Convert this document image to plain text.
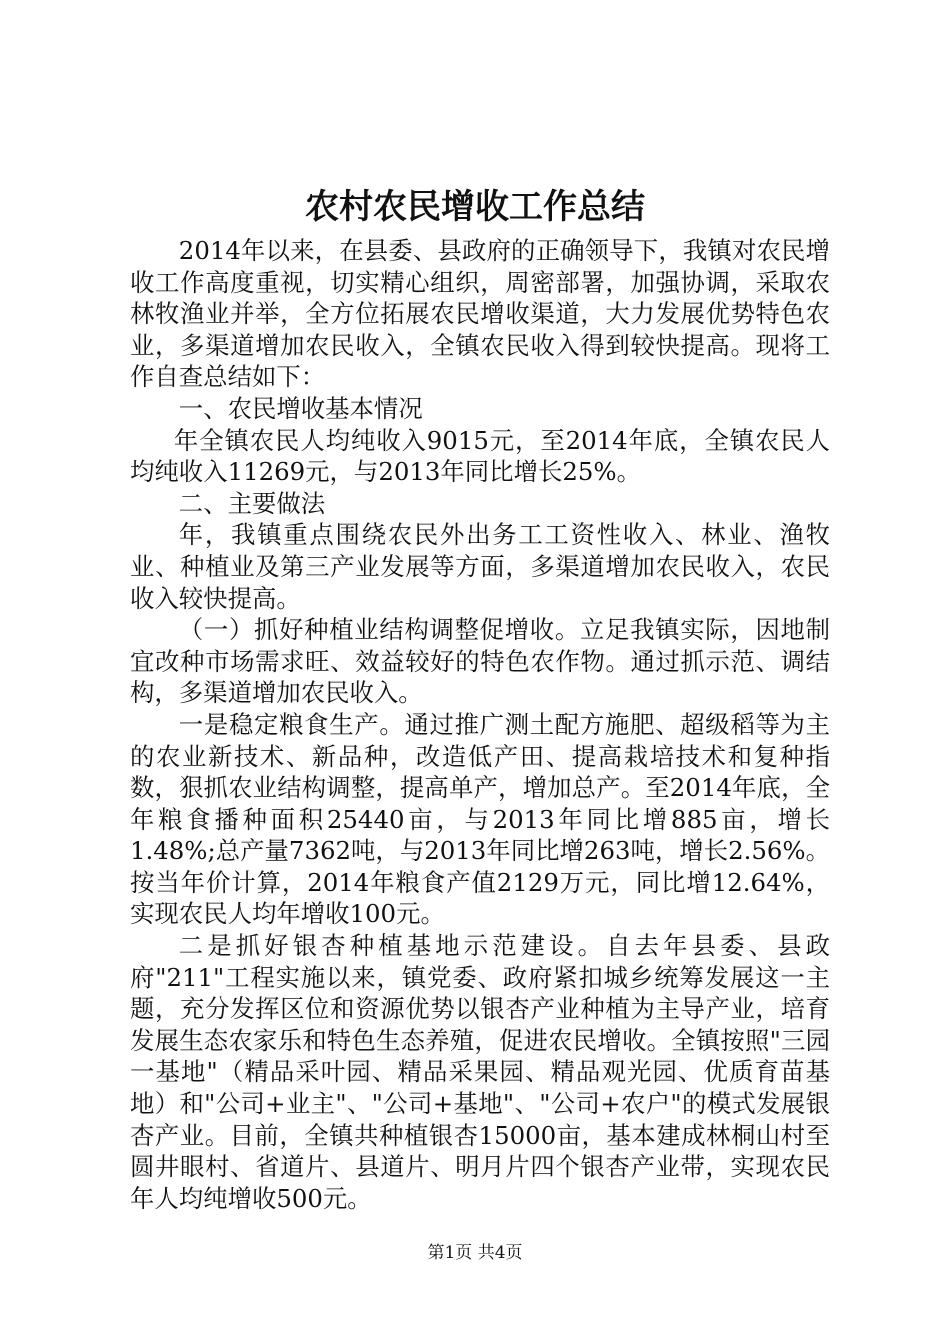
农村农民增收工作总结

2014年以来，在县委、县政府的正确领导下，我镇对农民增收工作高度重视，切实精心组织，周密部署，加强协调，采取农林牧渔业并举，全方位拓展农民增收渠道，大力发展优势特色农业，多渠道增加农民收入，全镇农民收入得到较快提高。现将工作自查总结如下：

一、农民增收基本情况

年全镇农民人均纯收入9015元，至2014年底，全镇农民人均纯收入11269元，与2013年同比增长25%。

二、主要做法

年，我镇重点围绕农民外出务工工资性收入、林业、渔牧业、种植业及第三产业发展等方面，多渠道增加农民收入，农民收入较快提高。

（一）抓好种植业结构调整促增收。立足我镇实际，因地制宜改种市场需求旺、效益较好的特色农作物。通过抓示范、调结构，多渠道增加农民收入。

一是稳定粮食生产。通过推广测土配方施肥、超级稻等为主的农业新技术、新品种，改造低产田、提高栽培技术和复种指数，狠抓农业结构调整，提高单产，增加总产。至2014年底，全年粮食播种面积25440亩，与2013年同比增885亩，增长1.48%;总产量7362吨，与2013年同比增263吨，增长2.56%。按当年价计算，2014年粮食产值2129万元，同比增12.64%，实现农民人均年增收100元。

二是抓好银杏种植基地示范建设。自去年县委、县政府"211"工程实施以来，镇党委、政府紧扣城乡统筹发展这一主题，充分发挥区位和资源优势以银杏产业种植为主导产业，培育发展生态农家乐和特色生态养殖，促进农民增收。全镇按照"三园一基地"（精品采叶园、精品采果园、精品观光园、优质育苗基地）和"公司+业主"、"公司+基地"、"公司+农户"的模式发展银杏产业。目前，全镇共种植银杏15000亩，基本建成林桐山村至圆井眼村、省道片、县道片、明月片四个银杏产业带，实现农民年人均纯增收500元。

第1页 共4页
